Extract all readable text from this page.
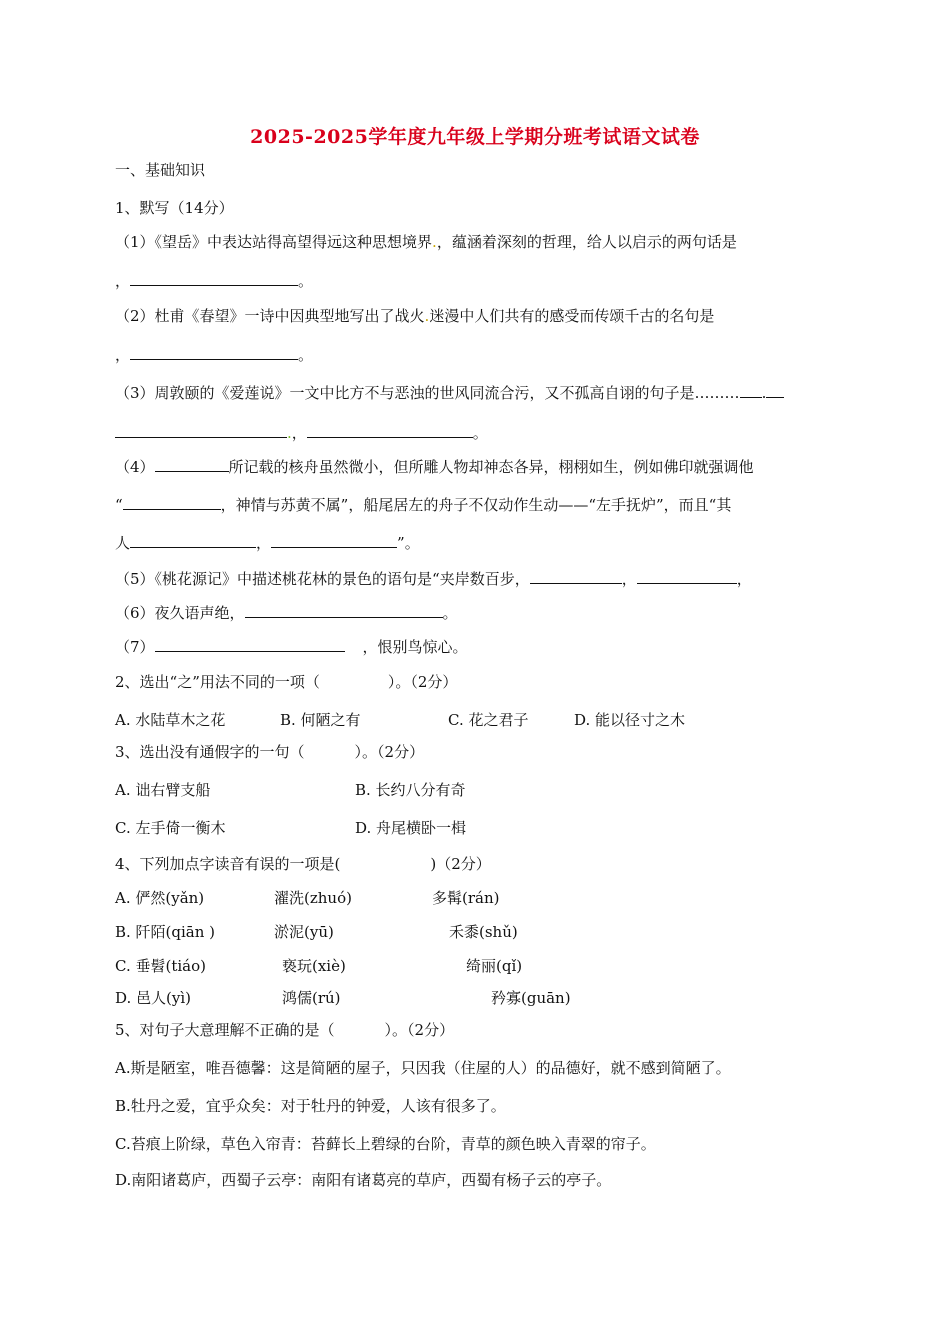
2025-2025学年度九年级上学期分班考试语文试卷
一、基础知识
1、默写（14分）
（1）《望岳》中表达站得高望得远这种思想境界.，蕴涵着深刻的哲理，给人以启示的两句话是
，	。
（2）杜甫《春望》一诗中因典型地写出了战火.迷漫中人们共有的感受而传颂千古的名句是
，	。
（3）周敦颐的《爱莲说》一文中比方不与恶浊的世风同流合污，又不孤高自诩的句子是……… .
.，	。
（4）	所记载的核舟虽然微小，但所雕人物却神态各异，栩栩如生，例如佛印就强调他
“	，神情与苏黄不属”，船尾居左的舟子不仅动作生动——“左手抚炉”，而且“其
人	，	”。
（5）《桃花源记》中描述桃花林的景色的语句是“夹岸数百步，	，	，
（6）夜久语声绝，	。
（7）	，恨别鸟惊心。
2、选出“之”用法不同的一项（	）。（2分）
A. 水陆草木之花	B. 何陋之有	C. 花之君子	D. 能以径寸之木
3、选出没有通假字的一句（	）。（2分）
A. 诎右臂支船	B. 长约八分有奇
C. 左手倚一衡木	D. 舟尾横卧一楫
4、下列加点字读音有误的一项是(	)（2分）
A. 俨然(yǎn)	濯洗(zhuó)	多髯(rán)
B. 阡陌(qiān )	淤泥(yū)	禾黍(shǔ)
C. 垂髫(tiáo)	亵玩(xiè)	绮丽(qǐ)
D. 邑人(yì)	鸿儒(rú)	矜寡(guān)
5、对句子大意理解不正确的是（	）。（2分）
A.斯是陋室，唯吾德馨：这是简陋的屋子，只因我（住屋的人）的品德好，就不感到简陋了。
B.牡丹之爱，宜乎众矣：对于牡丹的钟爱，人该有很多了。
C.苔痕上阶绿，草色入帘青：苔藓长上碧绿的台阶，青草的颜色映入青翠的帘子。
D.南阳诸葛庐，西蜀子云亭：南阳有诸葛亮的草庐，西蜀有杨子云的亭子。
